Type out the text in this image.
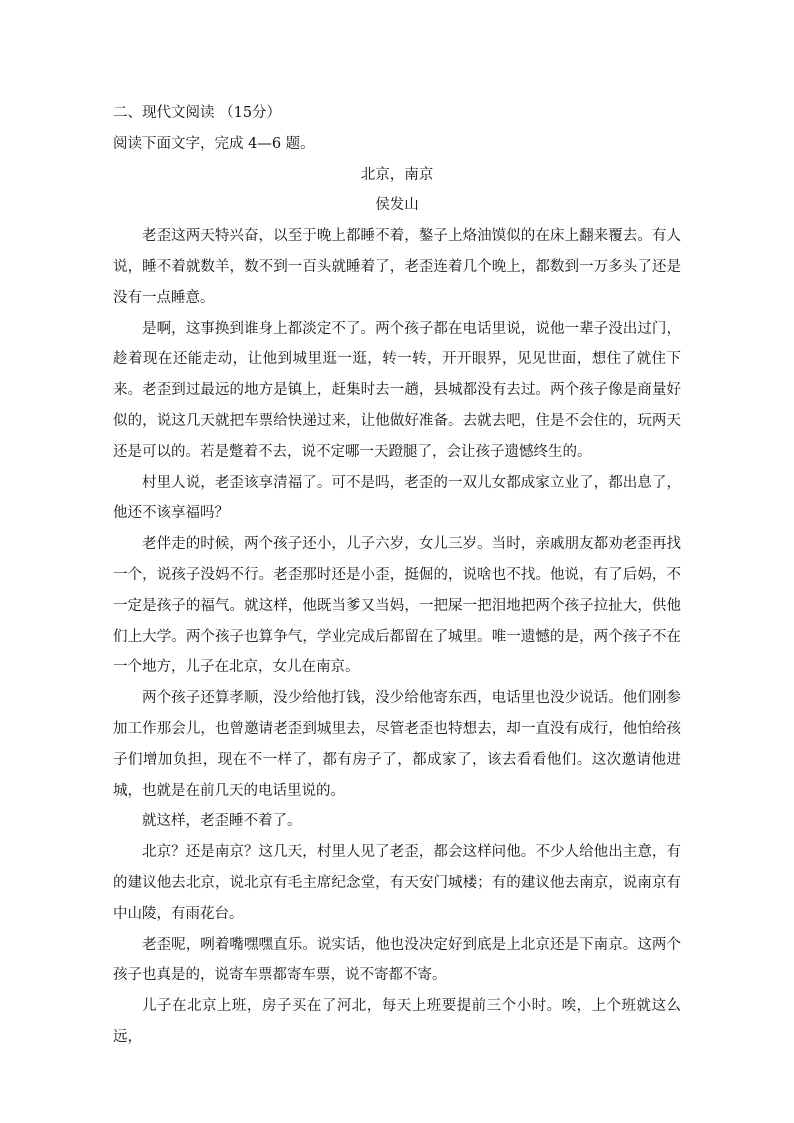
二、现代文阅读 （15分）

阅读下面文字，完成 4—6 题。

北京，南京

侯发山

老歪这两天特兴奋，以至于晚上都睡不着，鏊子上烙油馍似的在床上翻来覆去。有人说，睡不着就数羊，数不到一百头就睡着了，老歪连着几个晚上，都数到一万多头了还是没有一点睡意。

是啊，这事换到谁身上都淡定不了。两个孩子都在电话里说，说他一辈子没出过门，趁着现在还能走动，让他到城里逛一逛，转一转，开开眼界，见见世面，想住了就住下来。老歪到过最远的地方是镇上，赶集时去一趟，县城都没有去过。两个孩子像是商量好似的，说这几天就把车票给快递过来，让他做好准备。去就去吧，住是不会住的，玩两天还是可以的。若是蹩着不去，说不定哪一天蹬腿了，会让孩子遗憾终生的。

村里人说，老歪该享清福了。可不是吗，老歪的一双儿女都成家立业了，都出息了，他还不该享福吗？

老伴走的时候，两个孩子还小，儿子六岁，女儿三岁。当时，亲戚朋友都劝老歪再找一个，说孩子没妈不行。老歪那时还是小歪，挺倔的，说啥也不找。他说，有了后妈，不一定是孩子的福气。就这样，他既当爹又当妈，一把屎一把泪地把两个孩子拉扯大，供他们上大学。两个孩子也算争气，学业完成后都留在了城里。唯一遗憾的是，两个孩子不在一个地方，儿子在北京，女儿在南京。

两个孩子还算孝顺，没少给他打钱，没少给他寄东西，电话里也没少说话。他们刚参加工作那会儿，也曾邀请老歪到城里去，尽管老歪也特想去，却一直没有成行，他怕给孩子们增加负担，现在不一样了，都有房子了，都成家了，该去看看他们。这次邀请他进城，也就是在前几天的电话里说的。

就这样，老歪睡不着了。

北京？还是南京？这几天，村里人见了老歪，都会这样问他。不少人给他出主意，有的建议他去北京，说北京有毛主席纪念堂，有天安门城楼；有的建议他去南京，说南京有中山陵，有雨花台。

老歪呢，咧着嘴嘿嘿直乐。说实话，他也没决定好到底是上北京还是下南京。这两个孩子也真是的，说寄车票都寄车票，说不寄都不寄。

儿子在北京上班，房子买在了河北，每天上班要提前三个小时。唉，上个班就这么远，
